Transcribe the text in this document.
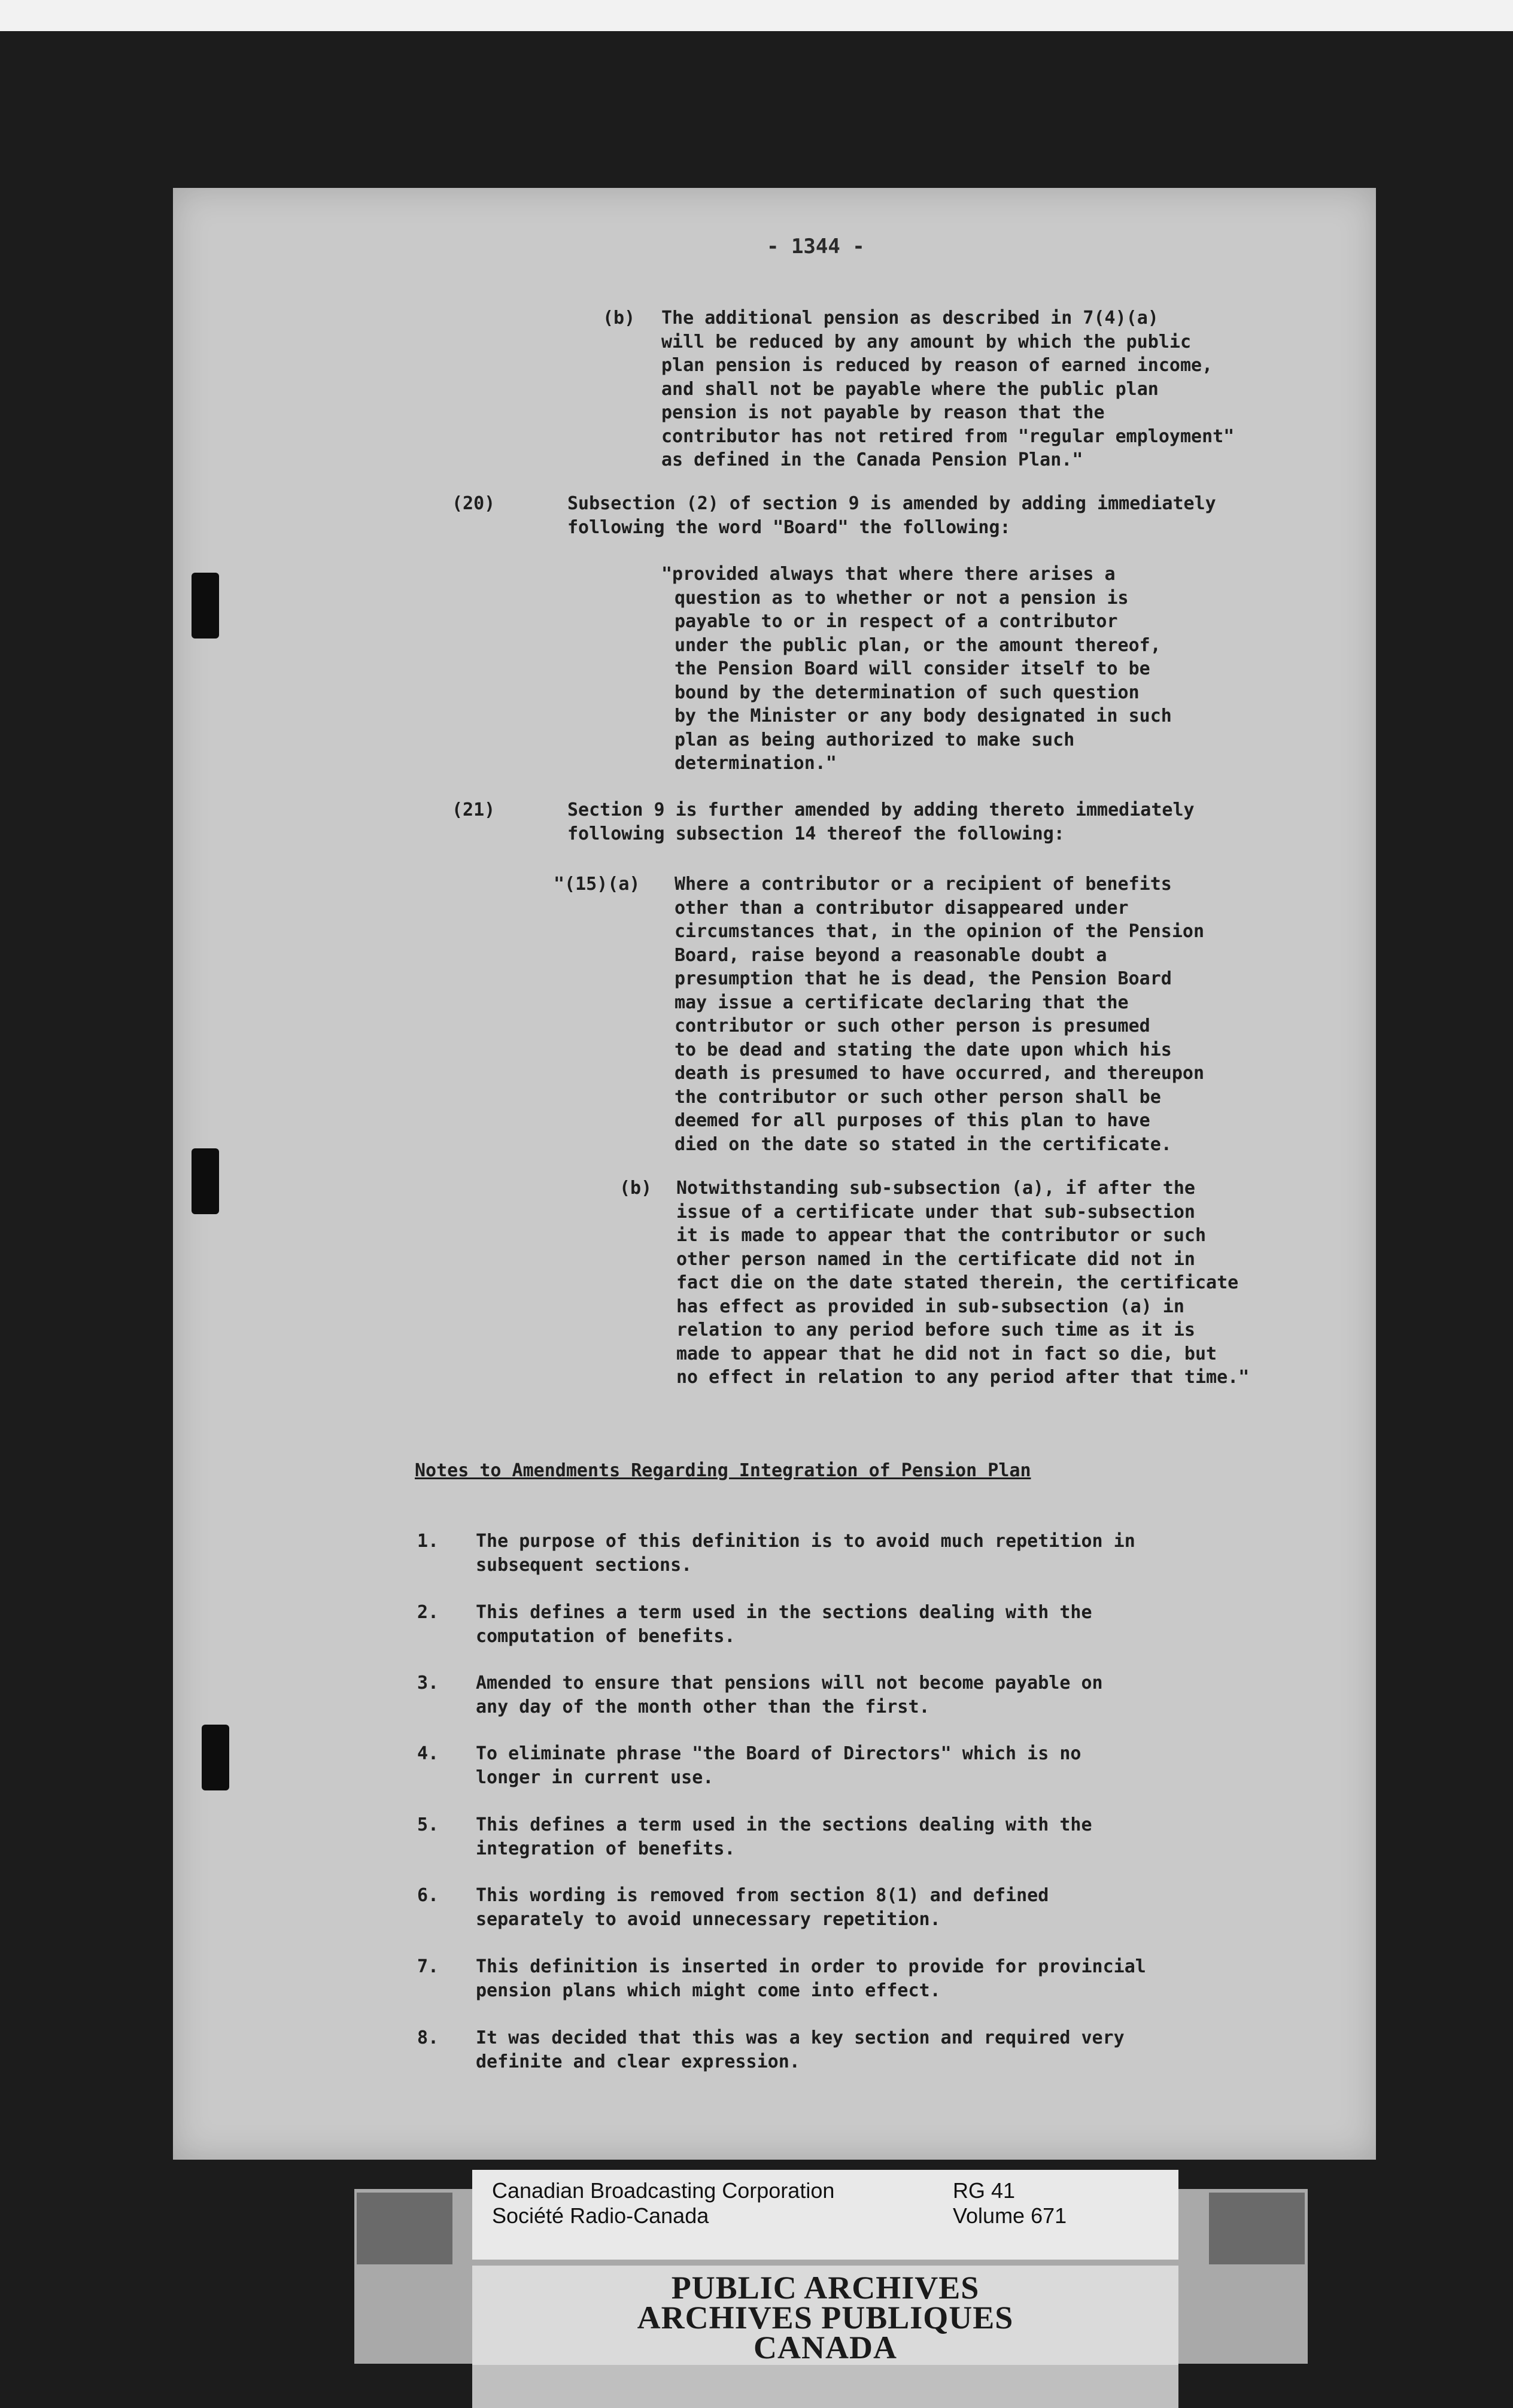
- 1344 -
(b) The additional pension as described in 7(4)(a)
will be reduced by any amount by which the public
plan pension is reduced by reason of earned income,
and shall not be payable where the public plan
pension is not payable by reason that the
contributor has not retired from "regular employment"
as defined in the Canada Pension Plan."
(20)	Subsection (2) of section 9 is amended by adding immediately
following the word "Board" the following:
"provided always that where there arises a
question as to whether or not a pension is
payable to or in respect of a contributor
under the public plan, or the amount thereof,
the Pension Board will consider itself to be
bound by the determination of such question
by the Minister or any body designated in such
plan as being authorized to make such
determination."
(21)	Section 9 is further amended by adding thereto immediately
following subsection 14 thereof the following:
"(15)(a) Where a contributor or a recipient of benefits
other than a contributor disappeared under
circumstances that, in the opinion of the Pension
Board, raise beyond a reasonable doubt a
presumption that he is dead, the Pension Board
may issue a certificate declaring that the
contributor or such other person is presumed
to be dead and stating the date upon which his
death is presumed to have occurred, and thereupon
the contributor or such other person shall be
deemed for all purposes of this plan to have
died on the date so stated in the certificate.
(b) Notwithstanding sub-subsection (a), if after the
issue of a certificate under that sub-subsection
it is made to appear that the contributor or such
other person named in the certificate did not in
fact die on the date stated therein, the certificate
has effect as provided in sub-subsection (a) in
relation to any period before such time as it is
made to appear that he did not in fact so die, but
no effect in relation to any period after that time."
Notes to Amendments Regarding Integration of Pension Plan
1. The purpose of this definition is to avoid much repetition in
subsequent sections.
2. This defines a term used in the sections dealing with the
computation of benefits.
3. Amended to ensure that pensions will not become payable on
any day of the month other than the first.
4. To eliminate phrase "the Board of Directors" which is no
longer in current use.
5. This defines a term used in the sections dealing with the
integration of benefits.
6. This wording is removed from section 8(1) and defined
separately to avoid unnecessary repetition.
7. This definition is inserted in order to provide for provincial
pension plans which might come into effect.
8. It was decided that this was a key section and required very
definite and clear expression.
Canadian Broadcasting Corporation
Société Radio-Canada
RG 41
Volume 671
PUBLIC ARCHIVES
ARCHIVES PUBLIQUES
CANADA
